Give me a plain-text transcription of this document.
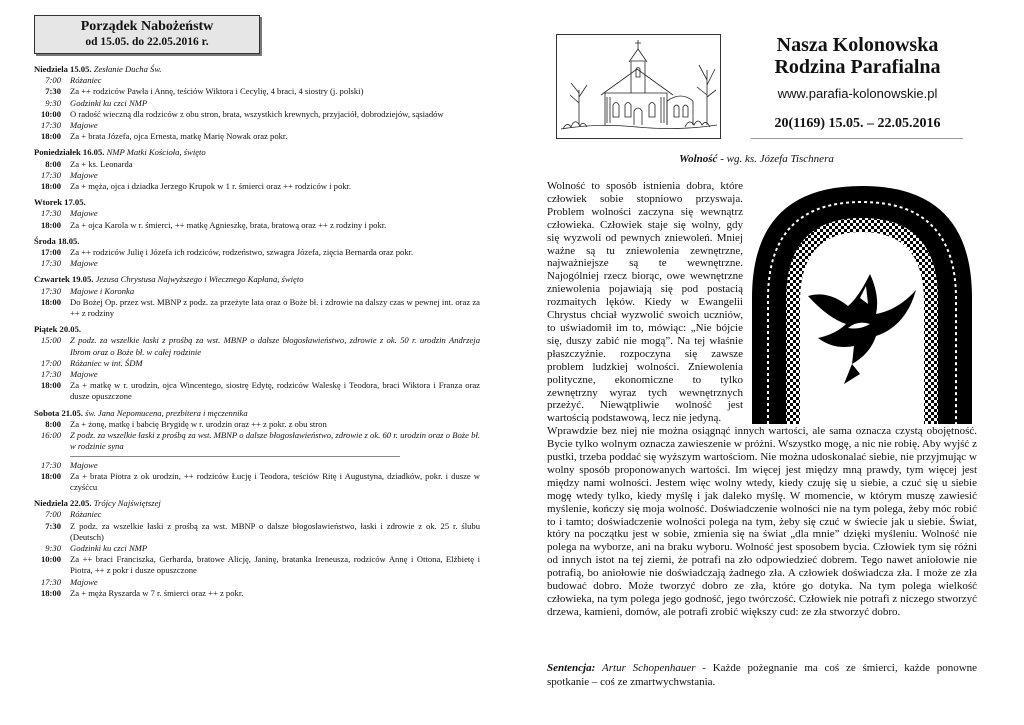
Porządek Nabożeństw
od 15.05. do 22.05.2016 r.
Niedziela 15.05. Zesłanie Ducha Św.
7:00	Różaniec
7:30	Za ++ rodziców Pawła i Annę, teściów Wiktora i Cecylię, 4 braci, 4 siostry (j. polski)
9:30	Godzinki ku czci NMP
10:00	O radość wieczną dla rodziców z obu stron, brata, wszystkich krewnych, przyjaciół, dobrodziejów, sąsiadów
17:30	Majowe
18:00	Za + brata Józefa, ojca Ernesta, matkę Marię Nowak oraz pokr.
Poniedziałek 16.05. NMP Matki Kościoła, święto
8:00	Za + ks. Leonarda
17:30	Majowe
18:00	Za + męża, ojca i dziadka Jerzego Krupok w 1 r. śmierci oraz ++ rodziców i pokr.
Wtorek 17.05.
17:30	Majowe
18:00	Za + ojca Karola w r. śmierci, ++ matkę Agnieszkę, brata, bratową oraz ++ z rodziny i pokr.
Środa 18.05.
17:00	Za ++ rodziców Julię i Józefa ich rodziców, rodzeństwo, szwagra Józefa, zięcia Bernarda oraz pokr.
17:30	Majowe
Czwartek 19.05. Jezusa Chrystusa Najwyższego i Wiecznego Kapłana, święto
17:30	Majowe i Koronka
18:00	Do Bożej Op. przez wst. MBNP z podz. za przeżyte lata oraz o Boże bł. i zdrowie na dalszy czas w pewnej int. oraz za ++ z rodziny
Piątek 20.05.
15:00	Z podz. za wszelkie łaski z prośbą za wst. MBNP o dalsze błogosławieństwo, zdrowie z ok. 50 r. urodzin Andrzeja Ibrom oraz o Boże bł. w całej rodzinie
17:00	Różaniec w int. ŚDM
17:30	Majowe
18:00	Za + matkę w r. urodzin, ojca Wincentego, siostrę Edytę, rodziców Waleskę i Teodora, braci Wiktora i Franza oraz dusze opuszczone
Sobota 21.05. św. Jana Nepomucena, prezbitera i męczennika
8:00	Za + żonę, matkę i babcię Brygidę w r. urodzin oraz ++ z pokr. z obu stron
16:00	Z podz. za wszelkie łaski z prośbą za wst. MBNP o dalsze błogosławieństwo, zdrowie z ok. 60 r. urodzin oraz o Boże bł. w rodzinie syna
17:30	Majowe
18:00	Za + brata Piotra z ok urodzin, ++ rodziców Łucję i Teodora, teściów Ritę i Augustyna, dziadków, pokr. i dusze w czyśćcu
Niedziela 22.05. Trójcy Najświętszej
7:00	Różaniec
7:30	Z podz. za wszelkie łaski z prośbą za wst. MBNP o dalsze błogosławieństwo, łaski i zdrowie z ok. 25 r. ślubu (Deutsch)
9:30	Godzinki ku czci NMP
10:00	Za ++ braci Franciszka, Gerharda, bratowe Alicję, Janinę, bratanka Ireneusza, rodziców Annę i Ottona, Elżbietę i Piotra, ++ z pokr i dusze opuszczone
17:30	Majowe
18:00	Za + męża Ryszarda w 7 r. śmierci oraz ++ z pokr.
Nasza Kolonowska
Rodzina Parafialna
www.parafia-kolonowskie.pl
20(1169) 15.05. – 22.05.2016
Wolność - wg. ks. Józefa Tischnera
Wolność to sposób istnienia dobra, które człowiek sobie stopniowo przyswaja. Problem wolności zaczyna się wewnątrz człowieka. Człowiek staje się wolny, gdy się wyzwoli od pewnych zniewoleń. Mniej ważne są tu zniewolenia zewnętrzne, najważniejsze są te wewnętrzne. Najogólniej rzecz biorąc, owe wewnętrzne zniewolenia pojawiają się pod postacią rozmaitych lęków. Kiedy w Ewangelii Chrystus chciał wyzwolić swoich uczniów, to uświadomił im to, mówiąc: „Nie bójcie się, duszy zabić nie mogą”. Na tej właśnie płaszczyźnie. rozpoczyna się zawsze problem ludzkiej wolności. Zniewolenia polityczne, ekonomiczne to tylko zewnętrzny wyraz tych wewnętrznych przeżyć. Niewątpliwie wolność jest wartością podstawową, lecz nie jedyną.
Wprawdzie bez niej nie można osiągnąć innych wartości, ale sama oznacza czystą obojętność. Bycie tylko wolnym oznacza zawieszenie w próżni. Wszystko mogę, a nic nie robię. Aby wyjść z pustki, trzeba poddać się wyższym wartościom. Nie można udoskonalać siebie, nie przyjmując w wolny sposób proponowanych wartości. Im więcej jest między mną prawdy, tym więcej jest między nami wolności. Jestem więc wolny wtedy, kiedy czuję się u siebie, a czuć się u siebie mogę wtedy tylko, kiedy myślę i jak daleko myślę. W momencie, w którym muszę zawiesić myślenie, kończy się moja wolność. Doświadczenie wolności nie na tym polega, żeby móc robić to i tamto; doświadczenie wolności polega na tym, żeby się czuć w świecie jak u siebie. Świat, który na początku jest w sobie, zmienia się na świat „dla mnie” dzięki myśleniu. Wolność nie polega na wyborze, ani na braku wyboru. Wolność jest sposobem bycia. Człowiek tym się różni od innych istot na tej ziemi, że potrafi na zło odpowiedzieć dobrem. Tego nawet aniołowie nie potrafią, bo aniołowie nie doświadczają żadnego zła. A człowiek doświadcza zła. I może ze zła budować dobro. Może tworzyć dobro ze zła, które go dotyka. Na tym polega wielkość człowieka, na tym polega jego godność, jego twórczość. Człowiek nie potrafi z niczego stworzyć drzewa, kamieni, domów, ale potrafi zrobić większy cud: ze zła stworzyć dobro.
Sentencja: Artur Schopenhauer - Każde pożegnanie ma coś ze śmierci, każde ponowne spotkanie – coś ze zmartwychwstania.
